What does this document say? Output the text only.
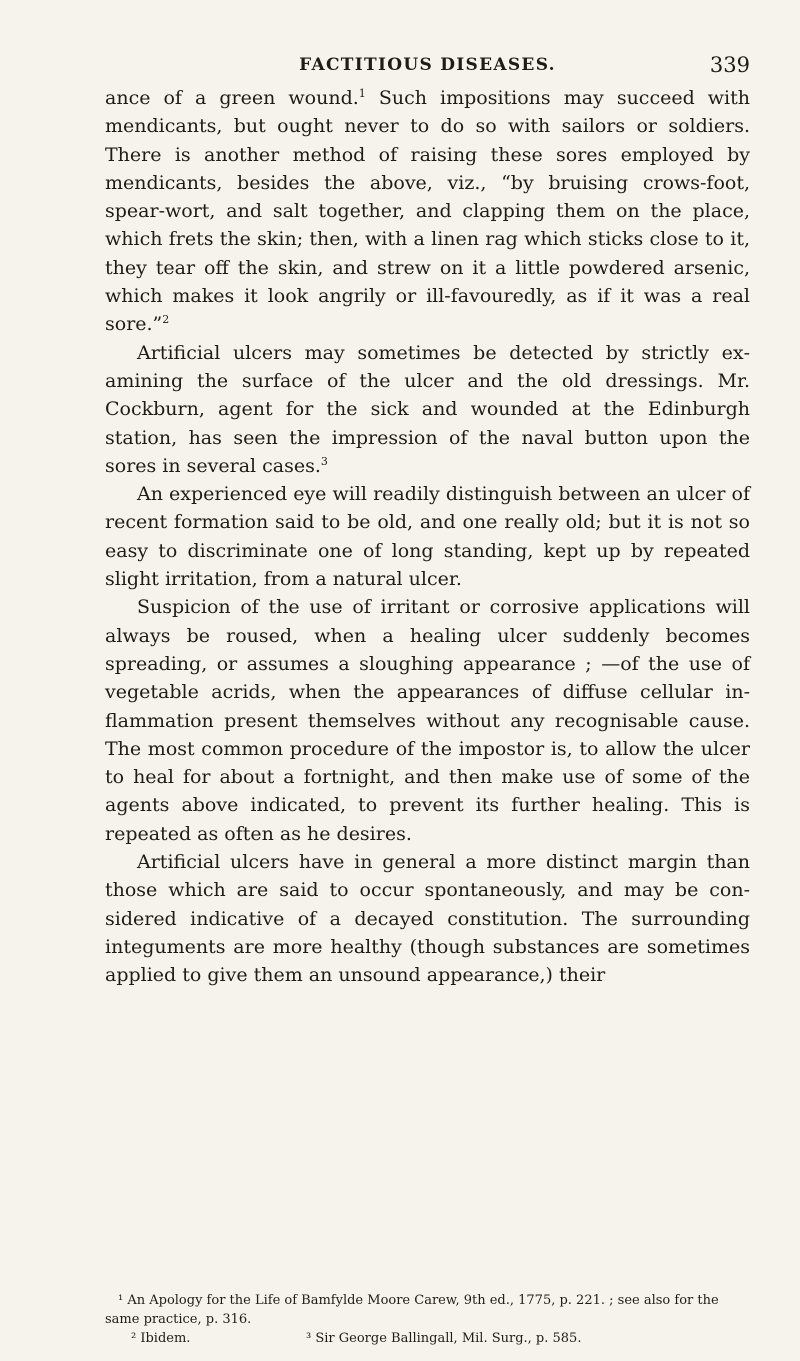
FACTITIOUS DISEASES.	339

ance of a green wound.$^1$ Such impositions may succeed with mendicants, but ought never to do so with sailors or soldiers. There is another method of raising these sores employed by mendicants, besides the above, viz., “by bruising crows-foot, spear-wort, and salt together, and clapping them on the place, which frets the skin; then, with a linen rag which sticks close to it, they tear off the skin, and strew on it a little powdered arsenic, which makes it look angrily or ill-favouredly, as if it was a real sore.”$^2$

Artificial ulcers may sometimes be detected by strictly examining the surface of the ulcer and the old dressings. Mr. Cockburn, agent for the sick and wounded at the Edinburgh station, has seen the impression of the naval button upon the sores in several cases.$^3$

An experienced eye will readily distinguish between an ulcer of recent formation said to be old, and one really old; but it is not so easy to discriminate one of long standing, kept up by repeated slight irritation, from a natural ulcer.

Suspicion of the use of irritant or corrosive applications will always be roused, when a healing ulcer suddenly becomes spreading, or assumes a sloughing appearance ; —of the use of vegetable acrids, when the appearances of diffuse cellular inflammation present themselves without any recognisable cause. The most common procedure of the impostor is, to allow the ulcer to heal for about a fortnight, and then make use of some of the agents above indicated, to prevent its further healing. This is repeated as often as he desires.

Artificial ulcers have in general a more distinct margin than those which are said to occur spontaneously, and may be considered indicative of a decayed constitution. The surrounding integuments are more healthy (though substances are sometimes applied to give them an unsound appearance,) their

¹ An Apology for the Life of Bamfylde Moore Carew, 9th ed., 1775, p. 221. ; see also for the same practice, p. 316.

² Ibidem.	³ Sir George Ballingall, Mil. Surg., p. 585.
